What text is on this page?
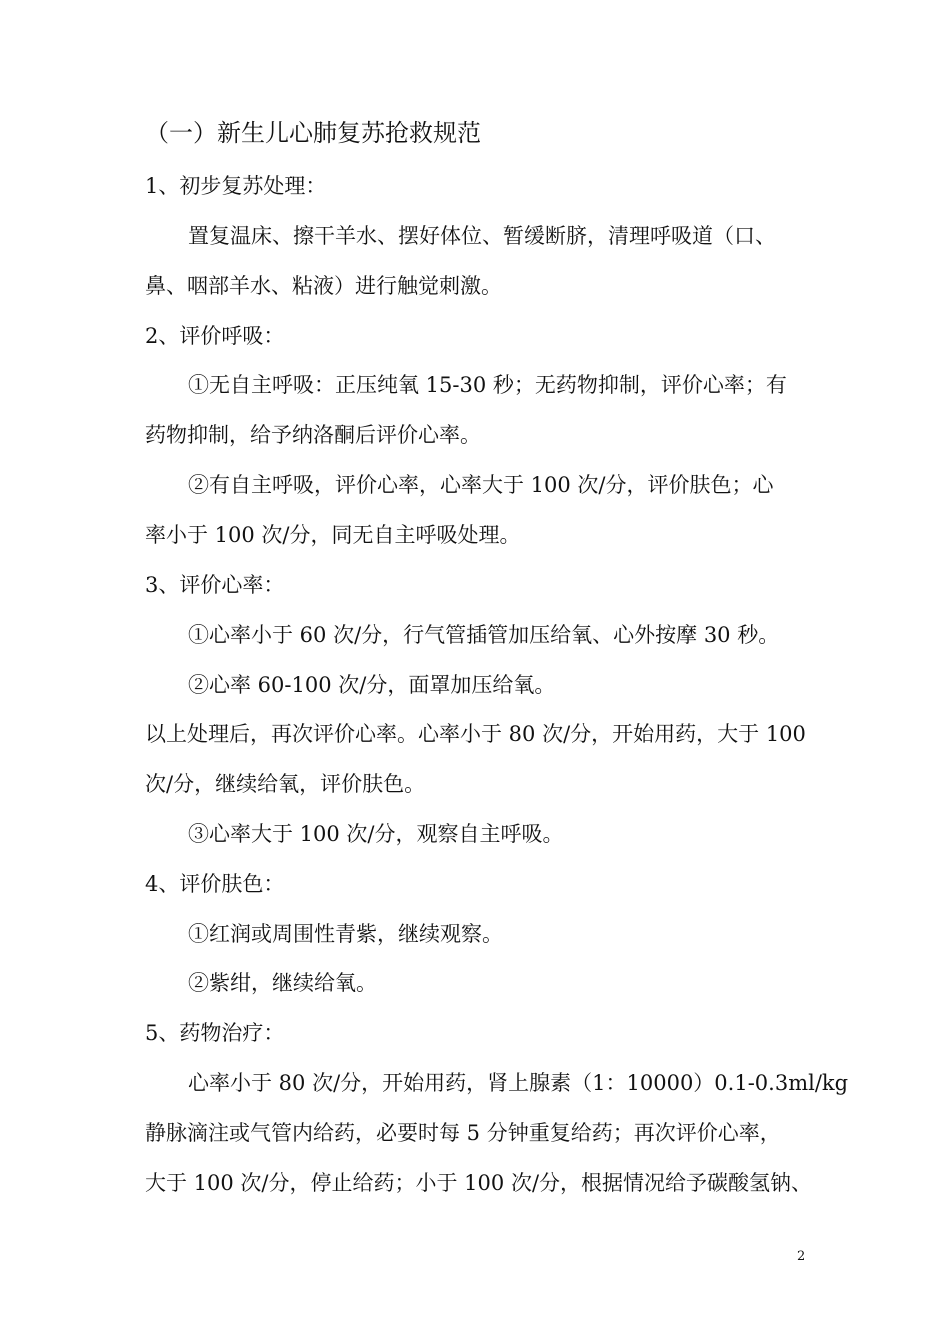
（一）新生儿心肺复苏抢救规范
1、初步复苏处理：
置复温床、擦干羊水、摆好体位、暂缓断脐，清理呼吸道（口、
鼻、咽部羊水、粘液）进行触觉刺激。
2、评价呼吸：
①无自主呼吸：正压纯氧 15-30 秒；无药物抑制，评价心率；有
药物抑制，给予纳洛酮后评价心率。
②有自主呼吸，评价心率，心率大于 100 次/分，评价肤色；心
率小于 100 次/分，同无自主呼吸处理。
3、评价心率：
①心率小于 60 次/分，行气管插管加压给氧、心外按摩 30 秒。
②心率 60-100 次/分，面罩加压给氧。
以上处理后，再次评价心率。心率小于 80 次/分，开始用药，大于 100
次/分，继续给氧，评价肤色。
③心率大于 100 次/分，观察自主呼吸。
4、评价肤色：
①红润或周围性青紫，继续观察。
②紫绀，继续给氧。
5、药物治疗：
心率小于 80 次/分，开始用药，肾上腺素（1：10000）0.1-0.3ml/kg
静脉滴注或气管内给药，必要时每 5 分钟重复给药；再次评价心率，
大于 100 次/分，停止给药；小于 100 次/分，根据情况给予碳酸氢钠、
2
